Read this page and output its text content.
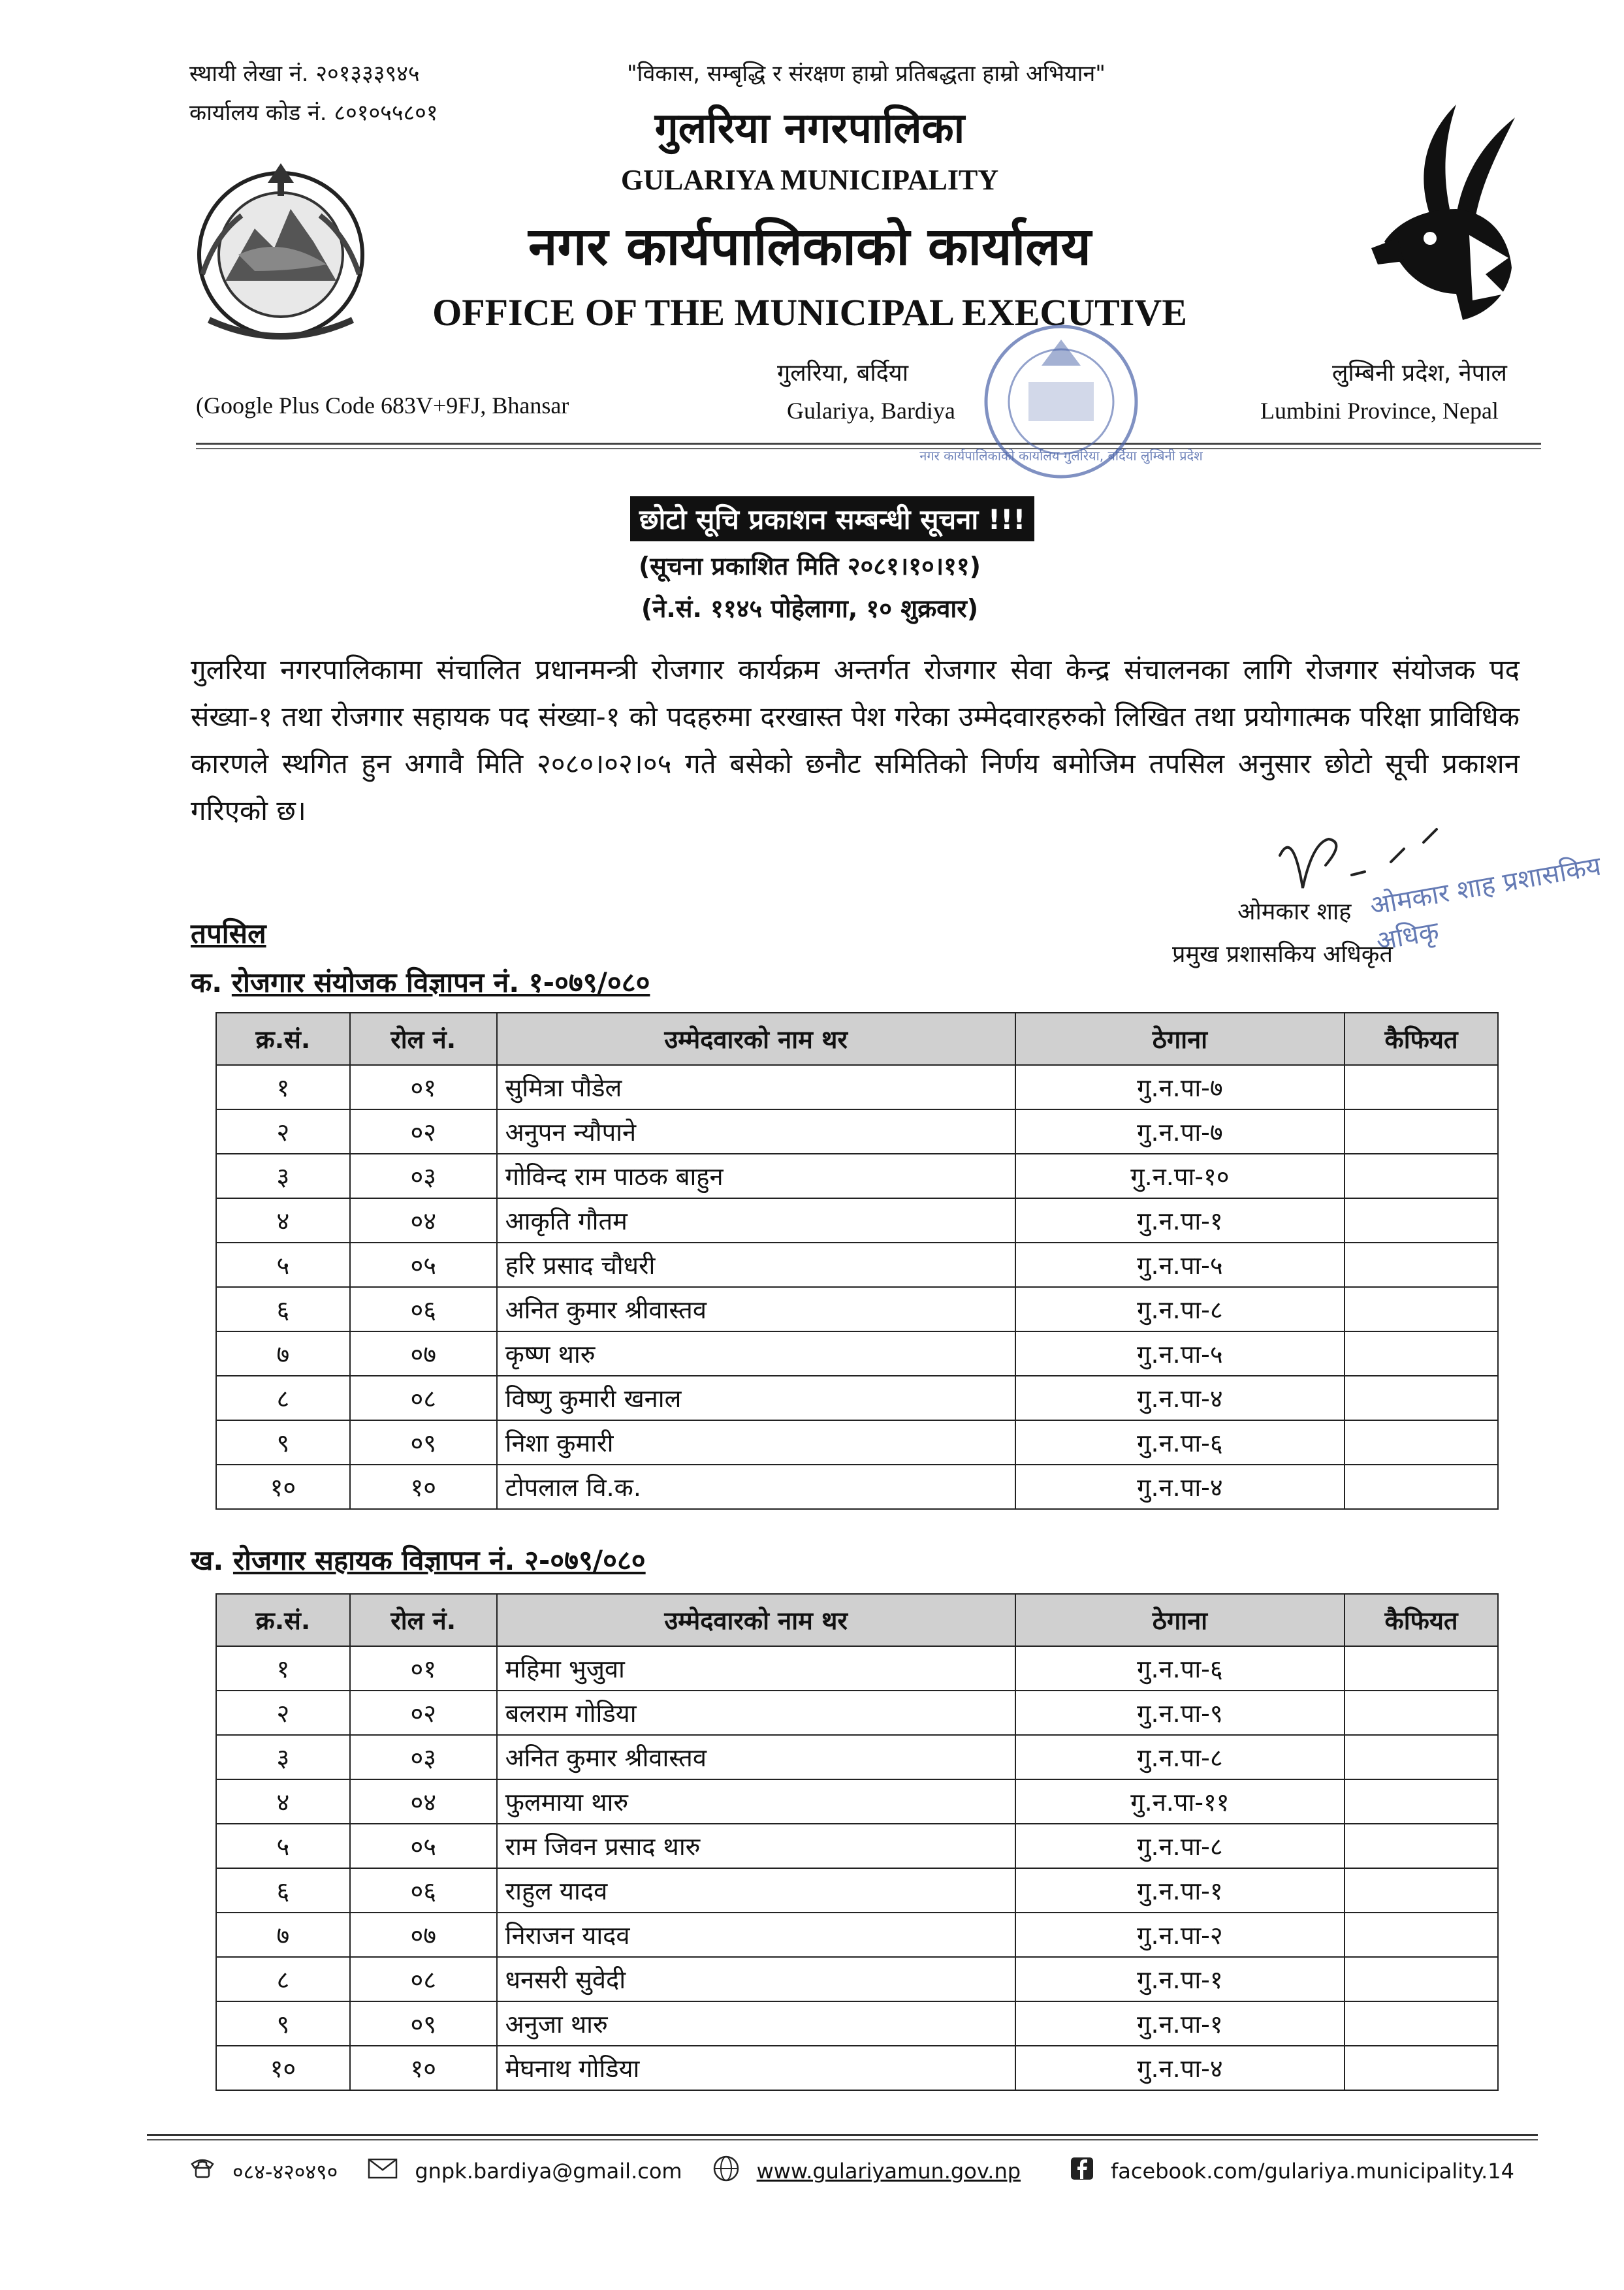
स्थायी लेखा नं. २०१३३३९४५
कार्यालय कोड नं. ८०१०५५८०१
"विकास, सम्बृद्धि र संरक्षण हाम्रो प्रतिबद्धता हाम्रो अभियान"
गुलरिया नगरपालिका
GULARIYA MUNICIPALITY
नगर कार्यपालिकाको कार्यालय
OFFICE OF THE MUNICIPAL EXECUTIVE
गुलरिया, बर्दिया
Gulariya, Bardiya
लुम्बिनी प्रदेश, नेपाल
Lumbini Province, Nepal
(Google Plus Code 683V+9FJ, Bhansar
नगर कार्यपालिकाको कार्यालय गुलरिया, बर्दिया लुम्बिनी प्रदेश
छोटो सूचि प्रकाशन सम्बन्धी सूचना !!!
(सूचना प्रकाशित मिति २०८१।१०।११)
(ने.सं. ११४५ पोहेलागा, १० शुक्रवार)
गुलरिया नगरपालिकामा संचालित प्रधानमन्त्री रोजगार कार्यक्रम अन्तर्गत रोजगार सेवा केन्द्र संचालनका लागि रोजगार संयोजक पद संख्या-१ तथा रोजगार सहायक पद संख्या-१ को पदहरुमा दरखास्त पेश गरेका उम्मेदवारहरुको लिखित तथा प्रयोगात्मक परिक्षा प्राविधिक कारणले स्थगित हुन अगावै मिति २०८०।०२।०५ गते बसेको छनौट समितिको निर्णय बमोजिम तपसिल अनुसार छोटो सूची प्रकाशन गरिएको छ।
ओमकार शाह प्रशासकिय अधिकृ
ओमकार शाह
प्रमुख प्रशासकिय अधिकृत
तपसिल
क. रोजगार संयोजक विज्ञापन नं. १-०७९/०८०
क्र.सं.	रोल नं.	उम्मेदवारको नाम थर	ठेगाना	कैफियत
१	०१	सुमित्रा पौडेल	गु.न.पा-७	
२	०२	अनुपन न्यौपाने	गु.न.पा-७	
३	०३	गोविन्द राम पाठक बाहुन	गु.न.पा-१०	
४	०४	आकृति गौतम	गु.न.पा-१	
५	०५	हरि प्रसाद चौधरी	गु.न.पा-५	
६	०६	अनित कुमार श्रीवास्तव	गु.न.पा-८	
७	०७	कृष्ण थारु	गु.न.पा-५	
८	०८	विष्णु कुमारी खनाल	गु.न.पा-४	
९	०९	निशा कुमारी	गु.न.पा-६	
१०	१०	टोपलाल वि.क.	गु.न.पा-४	
ख. रोजगार सहायक विज्ञापन नं. २-०७९/०८०
क्र.सं.	रोल नं.	उम्मेदवारको नाम थर	ठेगाना	कैफियत
१	०१	महिमा भुजुवा	गु.न.पा-६	
२	०२	बलराम गोडिया	गु.न.पा-९	
३	०३	अनित कुमार श्रीवास्तव	गु.न.पा-८	
४	०४	फुलमाया थारु	गु.न.पा-११	
५	०५	राम जिवन प्रसाद थारु	गु.न.पा-८	
६	०६	राहुल यादव	गु.न.पा-१	
७	०७	निराजन यादव	गु.न.पा-२	
८	०८	धनसरी सुवेदी	गु.न.पा-१	
९	०९	अनुजा थारु	गु.न.पा-१	
१०	१०	मेघनाथ गोडिया	गु.न.पा-४	
०८४-४२०४९०	gnpk.bardiya@gmail.com	www.gulariyamun.gov.np	facebook.com/gulariya.municipality.14
